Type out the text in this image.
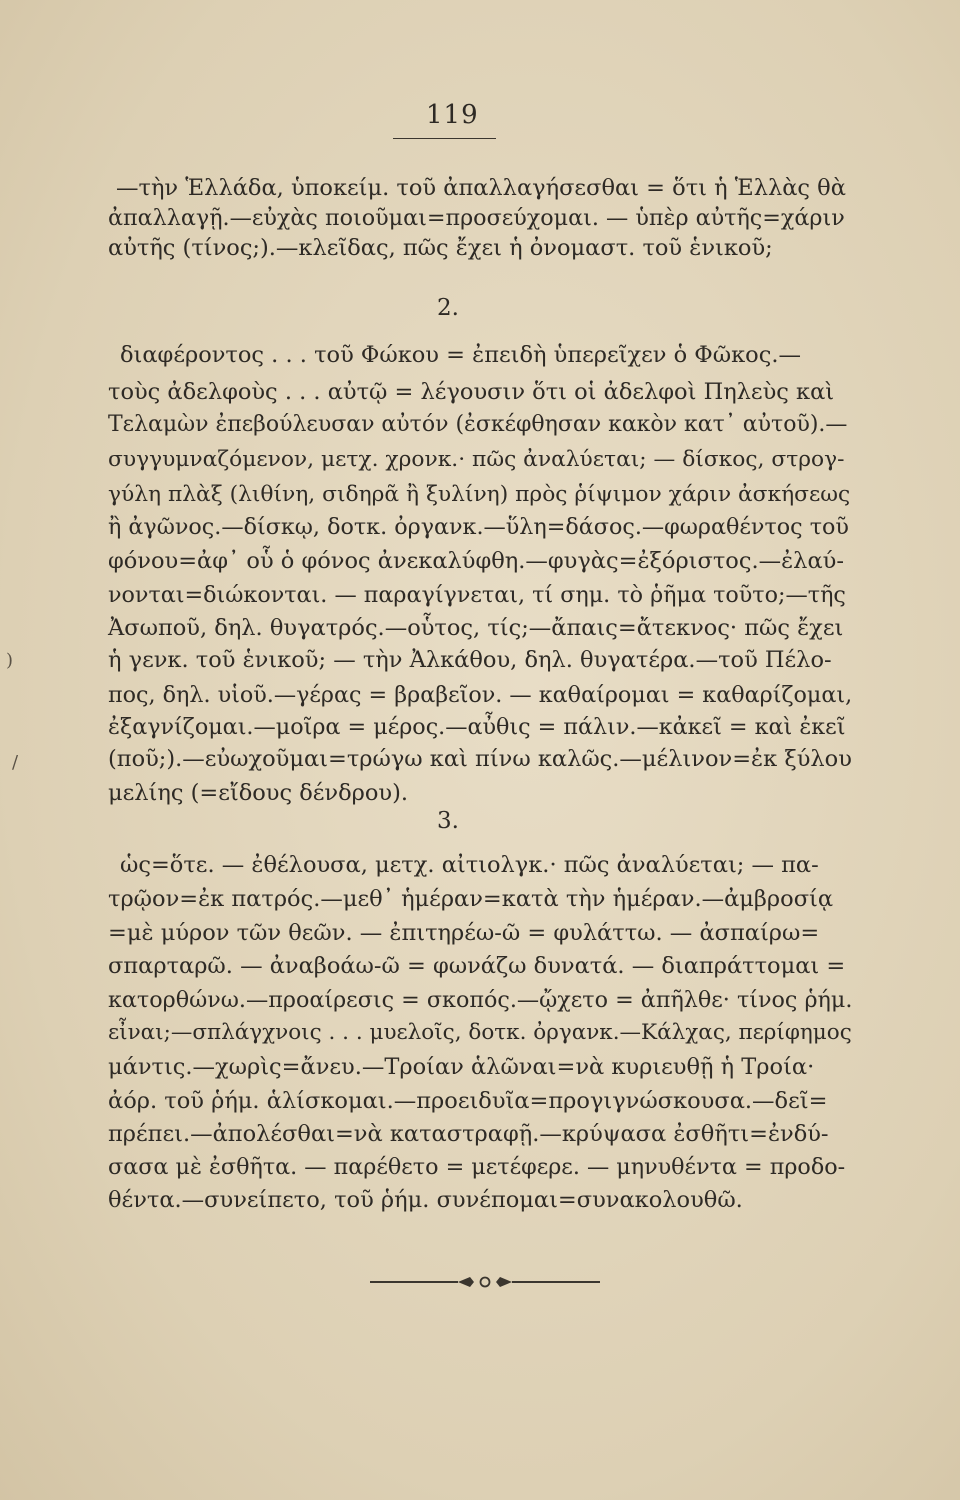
119
—τὴν Ἑλλάδα, ὑποκείμ. τοῦ ἀπαλλαγήσεσθαι = ὅτι ἡ Ἑλλὰς θὰ
ἀπαλλαγῇ.—εὐχὰς ποιοῦμαι=προσεύχομαι. — ὑπὲρ αὐτῆς=χάριν
αὐτῆς (τίνος;).—κλεῖδας, πῶς ἔχει ἡ ὀνομαστ. τοῦ ἑνικοῦ;
2.
διαφέροντος . . . τοῦ Φώκου = ἐπειδὴ ὑπερεῖχεν ὁ Φῶκος.—
τοὺς ἀδελφοὺς . . . αὐτῷ = λέγουσιν ὅτι οἱ ἀδελφοὶ Πηλεὺς καὶ
Τελαμὼν ἐπεβούλευσαν αὐτόν (ἐσκέφθησαν κακὸν κατ᾽ αὐτοῦ).—
συγγυμναζόμενον, μετχ. χρονκ.· πῶς ἀναλύεται; — δίσκος, στρογ-
γύλη πλὰξ (λιθίνη, σιδηρᾶ ἢ ξυλίνη) πρὸς ῥίψιμον χάριν ἀσκήσεως
ἢ ἀγῶνος.—δίσκῳ, δοτκ. ὀργανκ.—ὕλη=δάσος.—φωραθέντος τοῦ
φόνου=ἀφ᾽ οὗ ὁ φόνος ἀνεκαλύφθη.—φυγὰς=ἐξόριστος.—ἐλαύ-
νονται=διώκονται. — παραγίγνεται, τί σημ. τὸ ῥῆμα τοῦτο;—τῆς
Ἀσωποῦ, δηλ. θυγατρός.—οὗτος, τίς;—ἄπαις=ἄτεκνος· πῶς ἔχει
ἡ γενκ. τοῦ ἑνικοῦ; — τὴν Ἀλκάθου, δηλ. θυγατέρα.—τοῦ Πέλο-
πος, δηλ. υἱοῦ.—γέρας = βραβεῖον. — καθαίρομαι = καθαρίζομαι,
ἐξαγνίζομαι.—μοῖρα = μέρος.—αὖθις = πάλιν.—κἀκεῖ = καὶ ἐκεῖ
(ποῦ;).—εὐωχοῦμαι=τρώγω καὶ πίνω καλῶς.—μέλινον=ἐκ ξύλου
μελίης (=εἴδους δένδρου).
3.
ὡς=ὅτε. — ἐθέλουσα, μετχ. αἰτιολγκ.· πῶς ἀναλύεται; — πα-
τρῷον=ἐκ πατρός.—μεθ᾽ ἡμέραν=κατὰ τὴν ἡμέραν.—ἀμβροσίᾳ
=μὲ μύρον τῶν θεῶν. — ἐπιτηρέω-ῶ = φυλάττω. — ἀσπαίρω=
σπαρταρῶ. — ἀναβοάω-ῶ = φωνάζω δυνατά. — διαπράττομαι =
κατορθώνω.—προαίρεσις = σκοπός.—ᾤχετο = ἀπῆλθε· τίνος ῥήμ.
εἶναι;—σπλάγχνοις . . . μυελοῖς, δοτκ. ὀργανκ.—Κάλχας, περίφημος
μάντις.—χωρὶς=ἄνευ.—Τροίαν ἁλῶναι=νὰ κυριευθῇ ἡ Τροία·
ἀόρ. τοῦ ῥήμ. ἁλίσκομαι.—προειδυῖα=προγιγνώσκουσα.—δεῖ=
πρέπει.—ἀπολέσθαι=νὰ καταστραφῇ.—κρύψασα ἐσθῆτι=ἐνδύ-
σασα μὲ ἐσθῆτα. — παρέθετο = μετέφερε. — μηνυθέντα = προδο-
θέντα.—συνείπετο, τοῦ ῥήμ. συνέπομαι=συνακολουθῶ.
)
/
